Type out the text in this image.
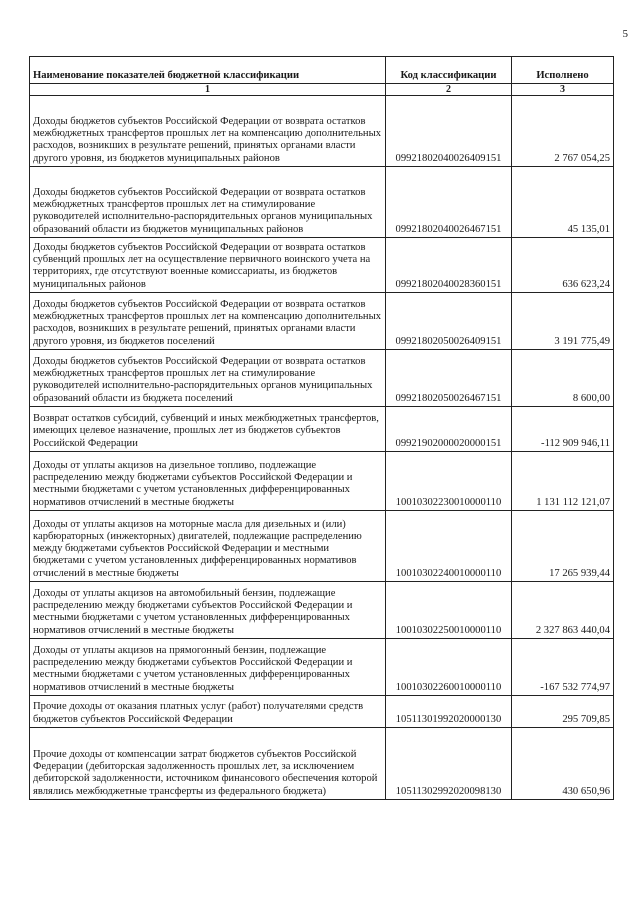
5
Наименование показателей бюджетной классификации	Код классификации	Исполнено
1	2	3
Доходы бюджетов субъектов Российской Федерации от возврата остатков межбюджетных трансфертов прошлых лет на компенсацию дополнительных расходов, возникших в результате решений, принятых органами власти другого уровня, из бюджетов муниципальных районов	09921802040026409151	2 767 054,25
Доходы бюджетов субъектов Российской Федерации от возврата остатков межбюджетных трансфертов прошлых лет на стимулирование руководителей исполнительно-распорядительных органов муниципальных образований области из бюджетов муниципальных районов	09921802040026467151	45 135,01
Доходы бюджетов субъектов Российской Федерации от возврата остатков субвенций прошлых лет на осуществление первичного воинского учета на территориях, где отсутствуют военные комиссариаты, из бюджетов муниципальных районов	09921802040028360151	636 623,24
Доходы бюджетов субъектов Российской Федерации от возврата остатков межбюджетных трансфертов прошлых лет на компенсацию дополнительных расходов, возникших в результате решений, принятых органами власти другого уровня, из бюджетов поселений	09921802050026409151	3 191 775,49
Доходы бюджетов субъектов Российской Федерации от возврата остатков межбюджетных трансфертов прошлых лет на стимулирование руководителей исполнительно-распорядительных органов муниципальных образований области из бюджета поселений	09921802050026467151	8 600,00
Возврат остатков субсидий, субвенций и иных межбюджетных трансфертов, имеющих целевое назначение, прошлых лет из бюджетов субъектов Российской Федерации	09921902000020000151	-112 909 946,11
Доходы от уплаты акцизов на дизельное топливо, подлежащие распределению между бюджетами субъектов Российской Федерации и местными бюджетами с учетом установленных дифференцированных нормативов отчислений в местные бюджеты	10010302230010000110	1 131 112 121,07
Доходы от уплаты акцизов на моторные масла для дизельных и (или) карбюраторных (инжекторных) двигателей, подлежащие распределению между бюджетами субъектов Российской Федерации и местными бюджетами с учетом установленных дифференцированных нормативов отчислений в местные бюджеты	10010302240010000110	17 265 939,44
Доходы от уплаты акцизов на автомобильный бензин, подлежащие распределению между бюджетами субъектов Российской Федерации и местными бюджетами с учетом установленных дифференцированных нормативов отчислений в местные бюджеты	10010302250010000110	2 327 863 440,04
Доходы от уплаты акцизов на прямогонный бензин, подлежащие распределению между бюджетами субъектов Российской Федерации и местными бюджетами с учетом установленных дифференцированных нормативов отчислений в местные бюджеты	10010302260010000110	-167 532 774,97
Прочие доходы от оказания платных услуг (работ) получателями средств бюджетов субъектов Российской Федерации	10511301992020000130	295 709,85
Прочие доходы от компенсации затрат бюджетов субъектов Российской Федерации (дебиторская задолженность прошлых лет, за исключением дебиторской задолженности, источником финансового обеспечения которой являлись межбюджетные трансферты из федерального бюджета)	10511302992020098130	430 650,96
